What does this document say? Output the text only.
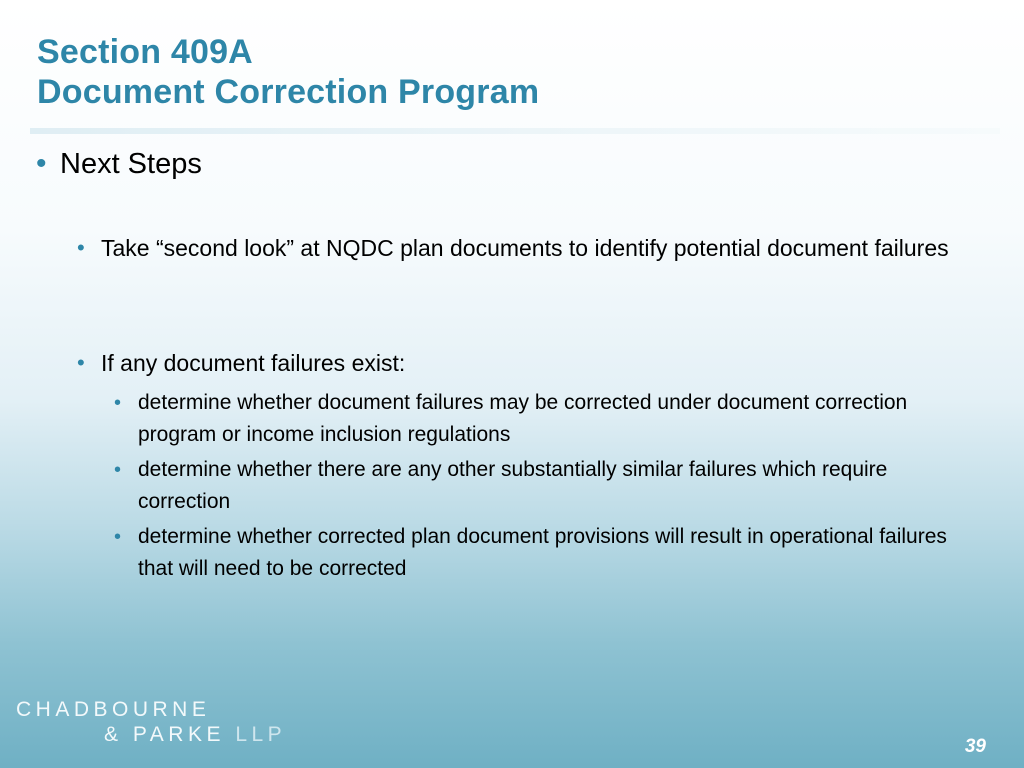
Section 409A
Document Correction Program
• Next Steps
• Take “second look” at NQDC plan documents to identify potential document failures
• If any document failures exist:
• determine whether document failures may be corrected under document correction program or income inclusion regulations
• determine whether there are any other substantially similar failures which require correction
• determine whether corrected plan document provisions will result in operational failures that will need to be corrected
CHADBOURNE
& PARKE LLP
39
